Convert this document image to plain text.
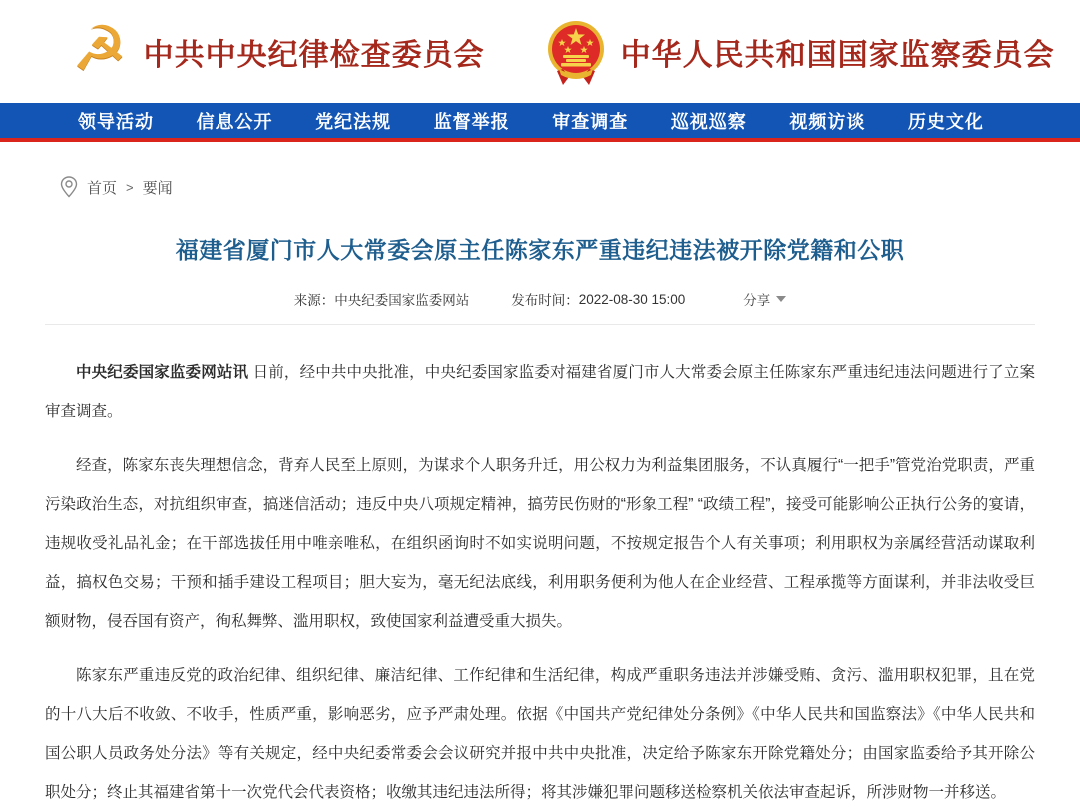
☭ 中共中央纪律检查委员会	中华人民共和国国家监察委员会
领导活动 信息公开 党纪法规 监督举报 审查调查 巡视巡察 视频访谈 历史文化
首页 > 要闻
福建省厦门市人大常委会原主任陈家东严重违纪违法被开除党籍和公职
来源： 中央纪委国家监委网站	发布时间： 2022-08-30 15:00	分享

中央纪委国家监委网站讯 日前，经中共中央批准，中央纪委国家监委对福建省厦门市人大常委会原主任陈家东严重违纪违法问题进行了立案审查调查。

经查，陈家东丧失理想信念，背弃人民至上原则，为谋求个人职务升迁，用公权力为利益集团服务，不认真履行“一把手”管党治党职责，严重污染政治生态，对抗组织审查，搞迷信活动；违反中央八项规定精神，搞劳民伤财的“形象工程” “政绩工程”，接受可能影响公正执行公务的宴请，违规收受礼品礼金；在干部选拔任用中唯亲唯私，在组织函询时不如实说明问题，不按规定报告个人有关事项；利用职权为亲属经营活动谋取利益，搞权色交易；干预和插手建设工程项目；胆大妄为，毫无纪法底线，利用职务便利为他人在企业经营、工程承揽等方面谋利，并非法收受巨额财物，侵吞国有资产，徇私舞弊、滥用职权，致使国家利益遭受重大损失。

陈家东严重违反党的政治纪律、组织纪律、廉洁纪律、工作纪律和生活纪律，构成严重职务违法并涉嫌受贿、贪污、滥用职权犯罪，且在党的十八大后不收敛、不收手，性质严重，影响恶劣，应予严肃处理。依据《中国共产党纪律处分条例》《中华人民共和国监察法》《中华人民共和国公职人员政务处分法》等有关规定，经中央纪委常委会会议研究并报中共中央批准，决定给予陈家东开除党籍处分；由国家监委给予其开除公职处分；终止其福建省第十一次党代会代表资格；收缴其违纪违法所得；将其涉嫌犯罪问题移送检察机关依法审查起诉，所涉财物一并移送。
